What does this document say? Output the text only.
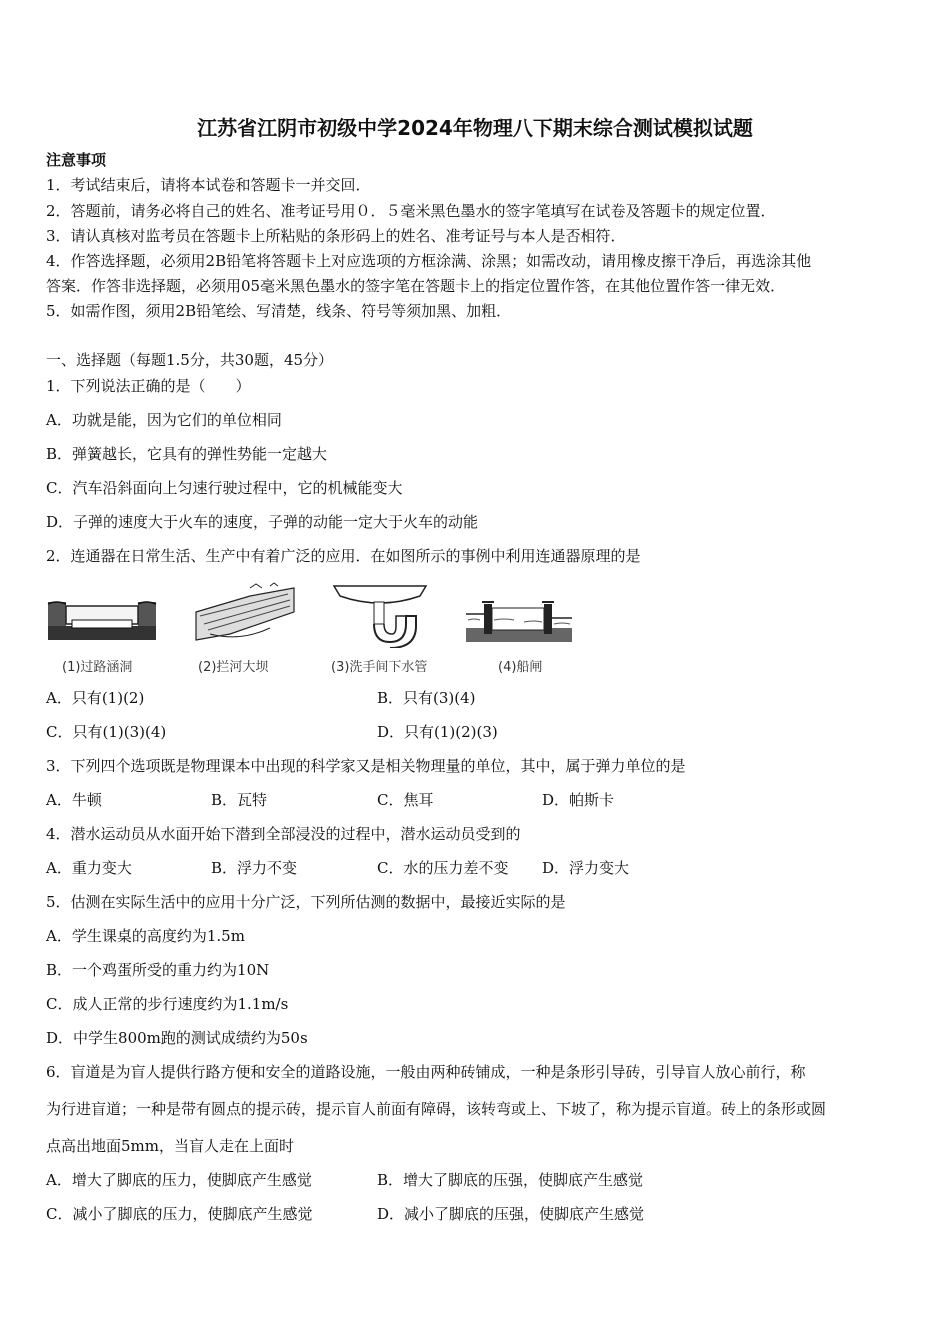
江苏省江阴市初级中学2024年物理八下期末综合测试模拟试题
注意事项
1．考试结束后，请将本试卷和答题卡一并交回．
2．答题前，请务必将自己的姓名、准考证号用０．５毫米黑色墨水的签字笔填写在试卷及答题卡的规定位置．
3．请认真核对监考员在答题卡上所粘贴的条形码上的姓名、准考证号与本人是否相符．
4．作答选择题，必须用2B铅笔将答题卡上对应选项的方框涂满、涂黑；如需改动，请用橡皮擦干净后，再选涂其他
答案．作答非选择题，必须用05毫米黑色墨水的签字笔在答题卡上的指定位置作答，在其他位置作答一律无效．
5．如需作图，须用2B铅笔绘、写清楚，线条、符号等须加黑、加粗．
一、选择题（每题1.5分，共30题，45分）
1．下列说法正确的是（　　）
A．功就是能，因为它们的单位相同
B．弹簧越长，它具有的弹性势能一定越大
C．汽车沿斜面向上匀速行驶过程中，它的机械能变大
D．子弹的速度大于火车的速度，子弹的动能一定大于火车的动能
2．连通器在日常生活、生产中有着广泛的应用．在如图所示的事例中利用连通器原理的是
(1)过路涵洞	(2)拦河大坝	(3)洗手间下水管	(4)船闸
A．只有(1)(2)	B．只有(3)(4)
C．只有(1)(3)(4)	D．只有(1)(2)(3)
3．下列四个选项既是物理课本中出现的科学家又是相关物理量的单位，其中，属于弹力单位的是
A．牛顿	B．瓦特	C．焦耳	D．帕斯卡
4．潜水运动员从水面开始下潜到全部浸没的过程中，潜水运动员受到的
A．重力变大	B．浮力不变	C．水的压力差不变 D．浮力变大
5．估测在实际生活中的应用十分广泛，下列所估测的数据中，最接近实际的是
A．学生课桌的高度约为1.5m
B．一个鸡蛋所受的重力约为10N
C．成人正常的步行速度约为1.1m/s
D．中学生800m跑的测试成绩约为50s
6．盲道是为盲人提供行路方便和安全的道路设施，一般由两种砖铺成，一种是条形引导砖，引导盲人放心前行，称
为行进盲道；一种是带有圆点的提示砖，提示盲人前面有障碍，该转弯或上、下坡了，称为提示盲道。砖上的条形或圆
点高出地面5mm，当盲人走在上面时
A．增大了脚底的压力，使脚底产生感觉	B．增大了脚底的压强，使脚底产生感觉
C．减小了脚底的压力，使脚底产生感觉	D．减小了脚底的压强，使脚底产生感觉
